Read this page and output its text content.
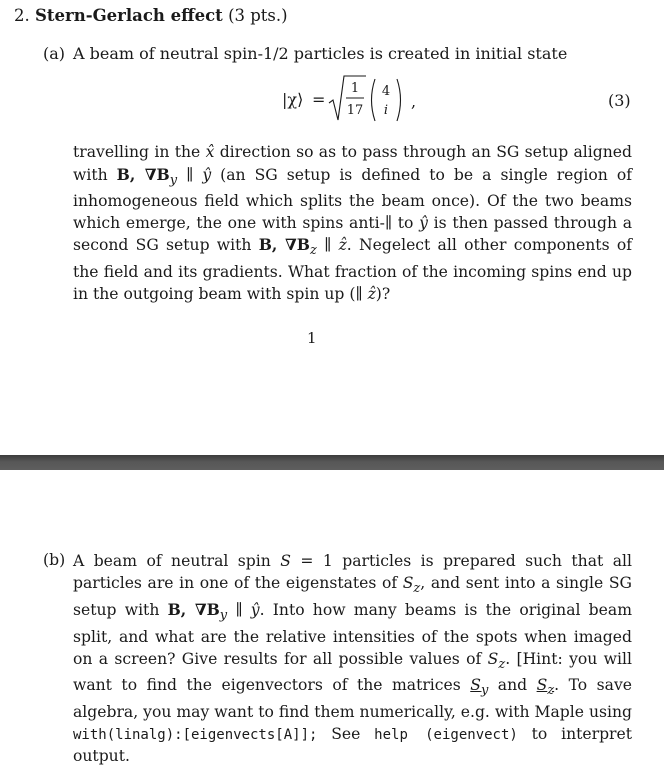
2. Stern-Gerlach effect (3 pts.)
(a) A beam of neutral spin-1/2 particles is created in initial state
|χ⟩ =
1
17
4
i ,	(3)
travelling in the x̂ direction so as to pass through an SG setup aligned with B, $\nabla B_y$ ∥ ŷ (an SG setup is defined to be a single region of inhomogeneous field which splits the beam once). Of the two beams which emerge, the one with spins anti-∥ to ŷ is then passed through a second SG setup with B, $\nabla B_z$ ∥ ẑ. Negelect all other components of the field and its gradients. What fraction of the incoming spins end up in the outgoing beam with spin up (∥ ẑ)?
1
(b) A beam of neutral spin S = 1 particles is prepared such that all particles are in one of the eigenstates of $S_z$, and sent into a single SG setup with B, $\nabla B_y$ ∥ ŷ. Into how many beams is the original beam split, and what are the relative intensities of the spots when imaged on a screen? Give results for all possible values of $S_z$. [Hint: you will want to find the eigenvectors of the matrices $S_y$ and $S_z$. To save algebra, you may want to find them numerically, e.g. with Maple using with(linalg):[eigenvects[A]]; See help (eigenvect) to interpret output.
